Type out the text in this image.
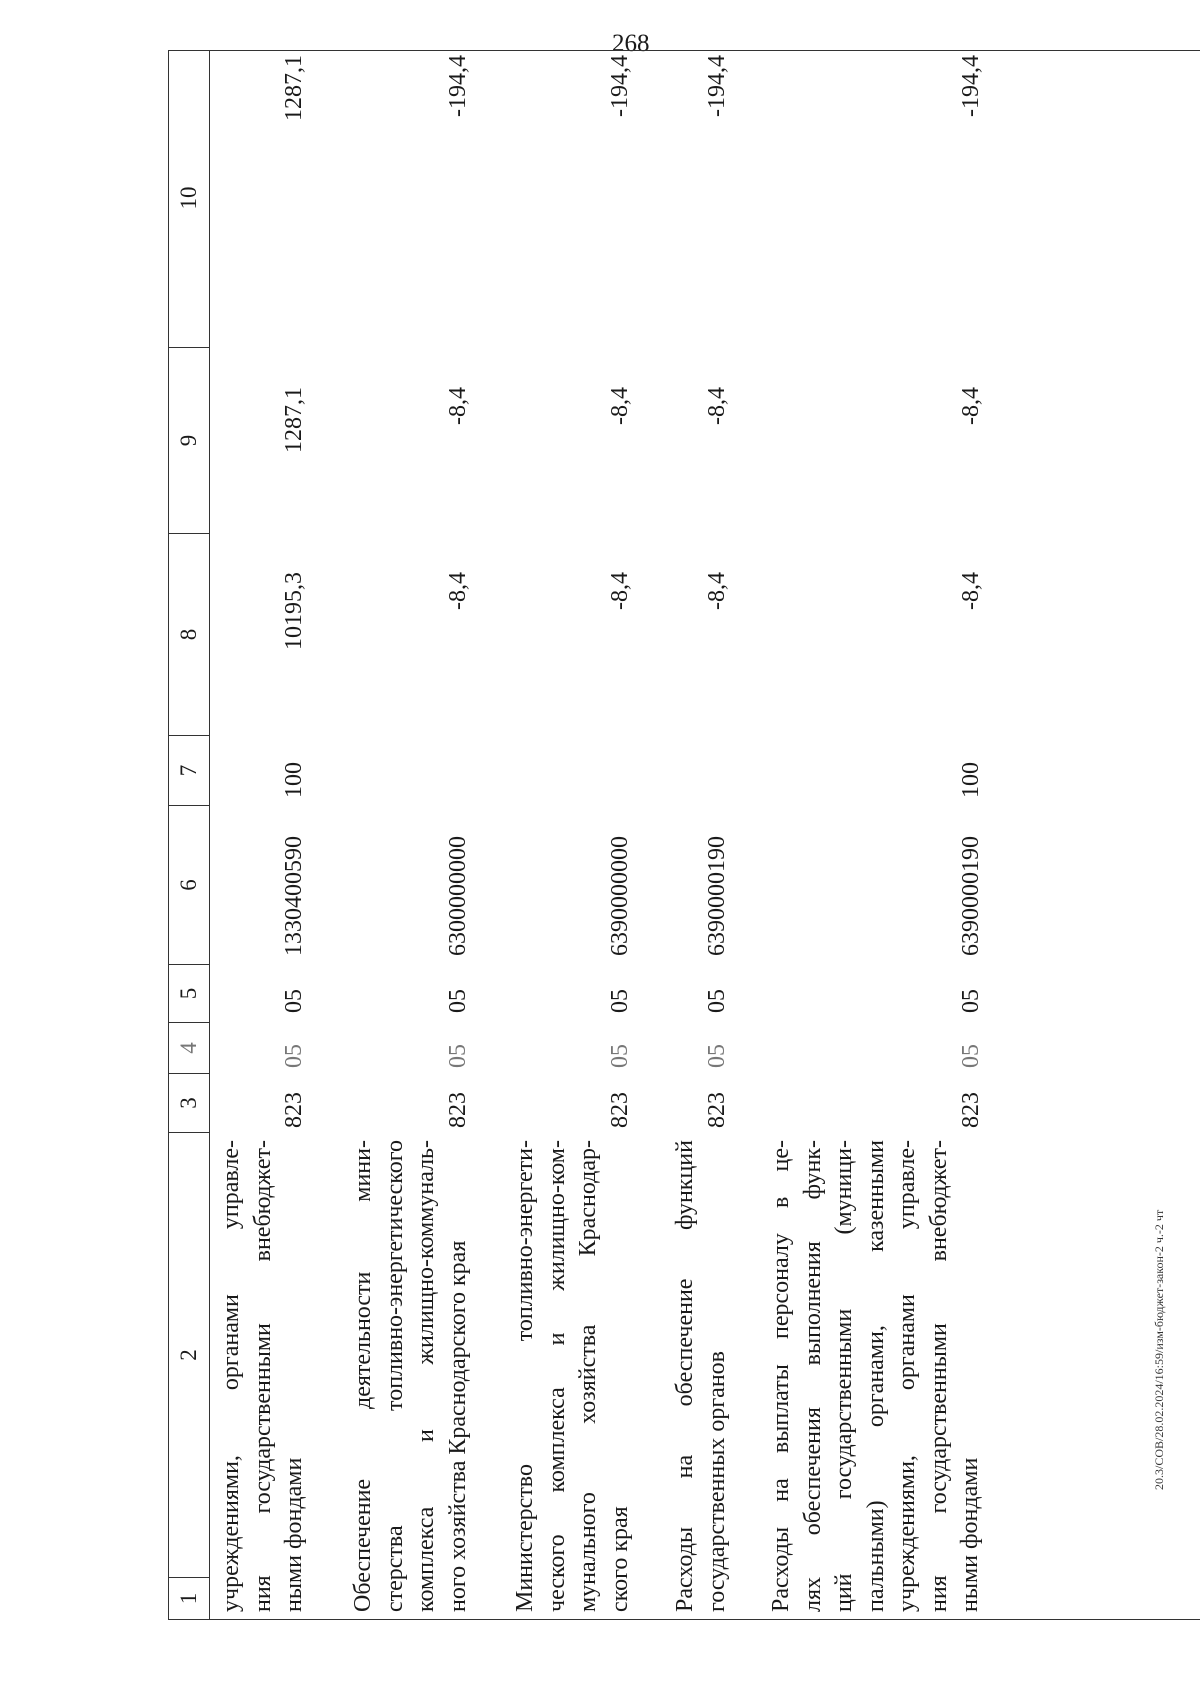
268
1
2
3
4
5
6
7
8
9
10
учреждениями, органами управле- ния государственными внебюджет- ными фондами
823
05
05
1330400590
100
10195,3
1287,1
1287,1
Обеспечение деятельности мини- стерства топливно-энергетического комплекса и жилищно-коммуналь- ного хозяйства Краснодарского края
823
05
05
6300000000
-8,4
-8,4
-194,4
Министерство топливно-энергети- ческого комплекса и жилищно-ком- мунального хозяйства Краснодар- ского края
823
05
05
6390000000
-8,4
-8,4
-194,4
Расходы на обеспечение функций государственных органов
823
05
05
6390000190
-8,4
-8,4
-194,4
Расходы на выплаты персоналу в це- лях обеспечения выполнения функ- ций государственными (муници- пальными) органами, казенными учреждениями, органами управле- ния государственными внебюджет- ными фондами
823
05
05
6390000190
100
-8,4
-8,4
-194,4
20.3/СОВ/28.02.2024/16:59/изм-бюджет-закон-2 ч.-2 чт
